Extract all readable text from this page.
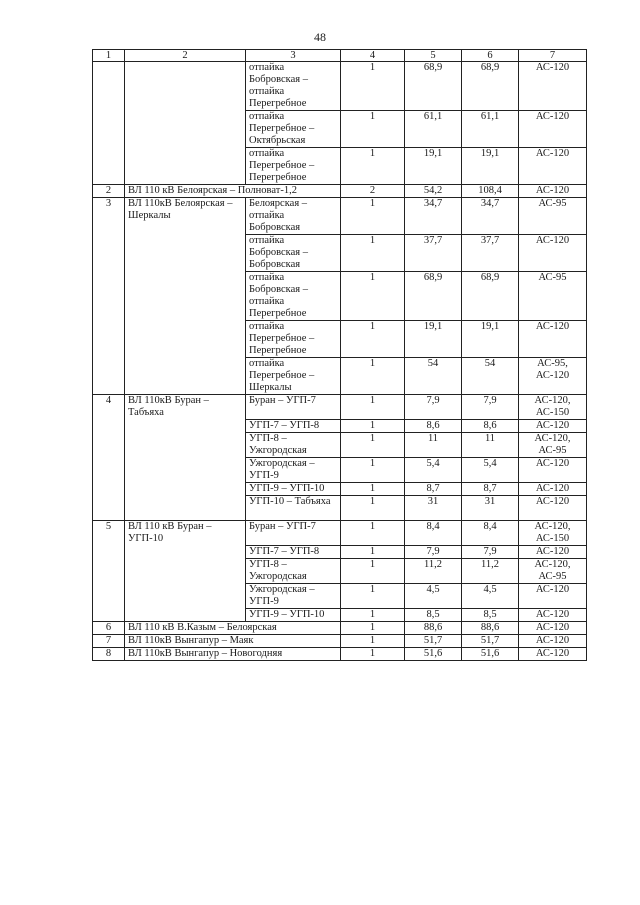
48
1	2	3	4	5	6	7
		отпайка Бобровская – отпайка Перегребное	1	68,9	68,9	АС-120
		отпайка Перегребное – Октябрьская	1	61,1	61,1	АС-120
		отпайка Перегребное – Перегребное	1	19,1	19,1	АС-120
2	ВЛ 110 кВ Белоярская – Полноват-1,2		2	54,2	108,4	АС-120
3	ВЛ 110кВ Белоярская – Шеркалы	Белоярская – отпайка Бобровская	1	34,7	34,7	АС-95
		отпайка Бобровская – Бобровская	1	37,7	37,7	АС-120
		отпайка Бобровская – отпайка Перегребное	1	68,9	68,9	АС-95
		отпайка Перегребное – Перегребное	1	19,1	19,1	АС-120
		отпайка Перегребное – Шеркалы	1	54	54	АС-95, АС-120
4	ВЛ 110кВ Буран – Табъяха	Буран – УГП-7	1	7,9	7,9	АС-120, АС-150
		УГП-7 – УГП-8	1	8,6	8,6	АС-120
		УГП-8 – Ужгородская	1	11	11	АС-120, АС-95
		Ужгородская – УГП-9	1	5,4	5,4	АС-120
		УГП-9 – УГП-10	1	8,7	8,7	АС-120
		УГП-10 – Табъяха	1	31	31	АС-120
5	ВЛ 110 кВ Буран – УГП-10	Буран – УГП-7	1	8,4	8,4	АС-120, АС-150
		УГП-7 – УГП-8	1	7,9	7,9	АС-120
		УГП-8 – Ужгородская	1	11,2	11,2	АС-120, АС-95
		Ужгородская – УГП-9	1	4,5	4,5	АС-120
		УГП-9 – УГП-10	1	8,5	8,5	АС-120
6	ВЛ 110 кВ В.Казым – Белоярская		1	88,6	88,6	АС-120
7	ВЛ 110кВ Вынгапур – Маяк		1	51,7	51,7	АС-120
8	ВЛ 110кВ Вынгапур – Новогодняя		1	51,6	51,6	АС-120
